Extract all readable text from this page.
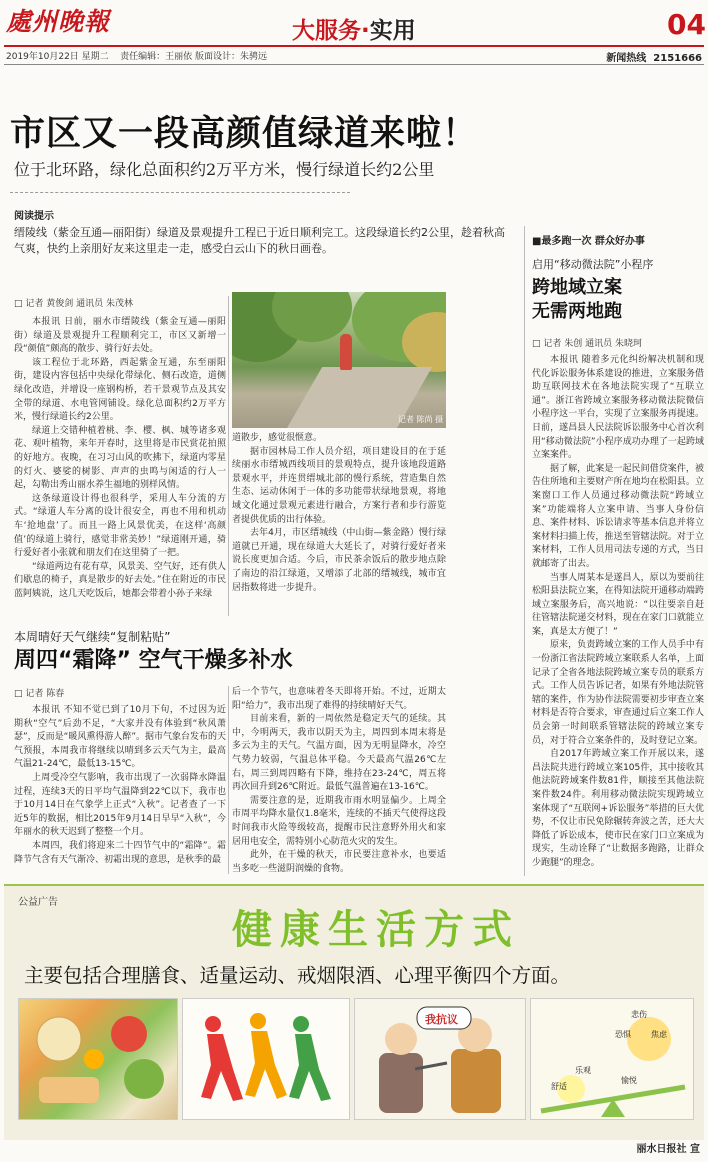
處州晚報	大服务·实用	04
2019年10月22日 星期二 责任编辑：王丽依 版面设计：朱骋远	新闻热线 2151666
市区又一段高颜值绿道来啦！
位于北环路，绿化总面积约2万平方米，慢行绿道长约2公里
阅读提示
缙陵线（紫金互通—丽阳街）绿道及景观提升工程已于近日顺利完工。这段绿道长约2公里，趁着秋高气爽，快约上亲朋好友来这里走一走，感受白云山下的秋日画卷。
□ 记者 黄俊剑 通讯员 朱茂林

本报讯 日前，丽水市缙陵线（紫金互通—丽阳街）绿道及景观提升工程顺利完工，市区又新增一段“颜值”颇高的散步、骑行好去处。

该工程位于北环路，西起紫金互通，东至丽阳街，建设内容包括中央绿化带绿化、侧石改造，道侧绿化改造，并增设一座钢构桥，若干景观节点及其安全带的绿道、水电管网铺设。绿化总面积约2万平方米，慢行绿道长约2公里。

绿道上交错种植着桃、李、樱、枫、城等诸多观花、观叶植物，来年开春时，这里将是市民赏花拍照的好地方。夜晚，在习习山风的吹拂下，绿道内零星的灯火、婆娑的树影、声声的虫鸣与闲适的行人一起，勾勒出秀山丽水养生福地的别样风情。

这条绿道设计得也很科学，采用人车分流的方式。“绿道人车分离的设计很安全，再也不用和机动车‘抢地盘’了。而且一路上风景优美，在这样‘高颜值’的绿道上骑行，感觉非常美妙！”绿道刚开通，骑行爱好者小张就和朋友们在这里骑了一把。

“绿道两边有花有草，风景美、空气好，还有供人们歇息的椅子，真是散步的好去处。”住在附近的市民蓝阿姨说，这几天吃饭后，她都会带着小孙子来绿

记者 陈尚 摄

道散步，感觉很惬意。

据市园林局工作人员介绍，项目建设目的在于延续丽水市缙城西线项目的景观特点，提升该地段道路景观水平，并连贯缙城北部的慢行系统，营造集自然生态、运动休闲于一体的多功能带状绿地景观，将地域文化通过景观元素进行融合，方案行者和步行游览者提供优质的出行体验。

去年4月，市区缙城线（中山街—紫金路）慢行绿道就已开通，现在绿道大大延长了，对骑行爱好者来说长度更加合适。今后，市民茶余饭后的散步地点除了南边的沿江绿道，又增添了北部的缙城线，城市宜居指数将进一步提升。

本周晴好天气继续“复制粘贴”
周四“霜降” 空气干燥多补水
□ 记者 陈春

本报讯 不知不觉已到了10月下旬，不过因为近期秋“空气”后劲不足，“大家并没有体验到“秋风萧瑟”，反而是“暖风熏得游人醉”。据市气象台发布的天气预报，本周我市将继续以晴到多云天气为主，最高气温21-24℃，最低13-15℃。

上周受冷空气影响，我市出现了一次弱降水降温过程，连续3天的日平均气温降到22℃以下，我市也于10月14日在气象学上正式“入秋”。记者查了一下近5年的数据，相比2015年9月14日早早“入秋”，今年丽水的秋天迟到了整整一个月。

本周四，我们将迎来二十四节气中的“霜降”。霜降节气含有天气渐冷、初霜出现的意思，是秋季的最

后一个节气，也意味着冬天即将开始。不过，近期太阳“给力”，我市出现了难得的持续晴好天气。

目前来看，新的一周依然是稳定天气的延续。其中，今明两天，我市以阴天为主，周四到本周末将是多云为主的天气。气温方面，因为无明显降水，冷空气势力较弱，气温总体平稳。今天最高气温26℃左右，周三到周四略有下降，维持在23-24℃，周五将再次回升到26℃附近。最低气温普遍在13-16℃。

需要注意的是，近期我市雨水明显偏少。上周全市周平均降水量仅1.8毫米，连续的不插天气使得这段时间我市火险等级较高，提醒市民注意野外用火和家居用电安全，需特别小心防范火灾的发生。

此外，在干燥的秋天，市民要注意补水，也要适当多吃一些滋阴润燥的食物。

■最多跑一次 群众好办事
启用“移动微法院”小程序
跨地域立案
无需两地跑
□ 记者 朱创 通讯员 朱晓珂

本报讯 随着多元化纠纷解决机制和现代化诉讼服务体系建设的推进，立案服务借助互联网技术在各地法院实现了“互联立通”。浙江省跨域立案服务移动微法院微信小程序这一平台，实现了立案服务再提速。日前，遂昌县人民法院诉讼服务中心首次利用“移动微法院”小程序成功办理了一起跨域立案案件。

据了解，此案是一起民间借贷案件，被告住所地和主要财产所在地均在松阳县。立案窗口工作人员通过移动微法院“跨域立案”功能端将人立案申请、当事人身份信息、案件材料、诉讼请求等基本信息并将立案材料扫描上传，推送至管辖法院。对于立案材料，工作人员用司法专递的方式，当日就邮寄了出去。

当事人周某本是遂昌人，原以为要前往松阳县法院立案，在得知法院开通移动端跨域立案服务后，高兴地说：“以往要亲自赶往管辖法院递交材料，现在在家门口就能立案，真是太方便了！”

原来，负责跨域立案的工作人员手中有一份浙江省法院跨域立案联系人名单，上面记录了全省各地法院跨域立案专员的联系方式。工作人员告诉记者，如果有外地法院管辖的案件，作为协作法院需要初步审查立案材料是否符合要求，审查通过后立案工作人员会第一时间联系管辖法院的跨域立案专员，对于符合立案条件的，及时登记立案。

自2017年跨域立案工作开展以来，遂昌法院共进行跨域立案105件，其中接收其他法院跨域案件数81件，顺接至其他法院案件数24件。利用移动微法院实现跨域立案体现了“互联网+诉讼服务”举措的巨大优势，不仅让市民免除辗转奔波之苦，还大大降低了诉讼成本，使市民在家门口立案成为现实，生动诠释了“让数据多跑路，让群众少跑腿”的理念。

公益广告
健康生活方式
主要包括合理膳食、适量运动、戒烟限酒、心理平衡四个方面。
我抗议	悲伤
恐惧	焦虑
乐观
舒适
愉悦
丽水日报社 宣
